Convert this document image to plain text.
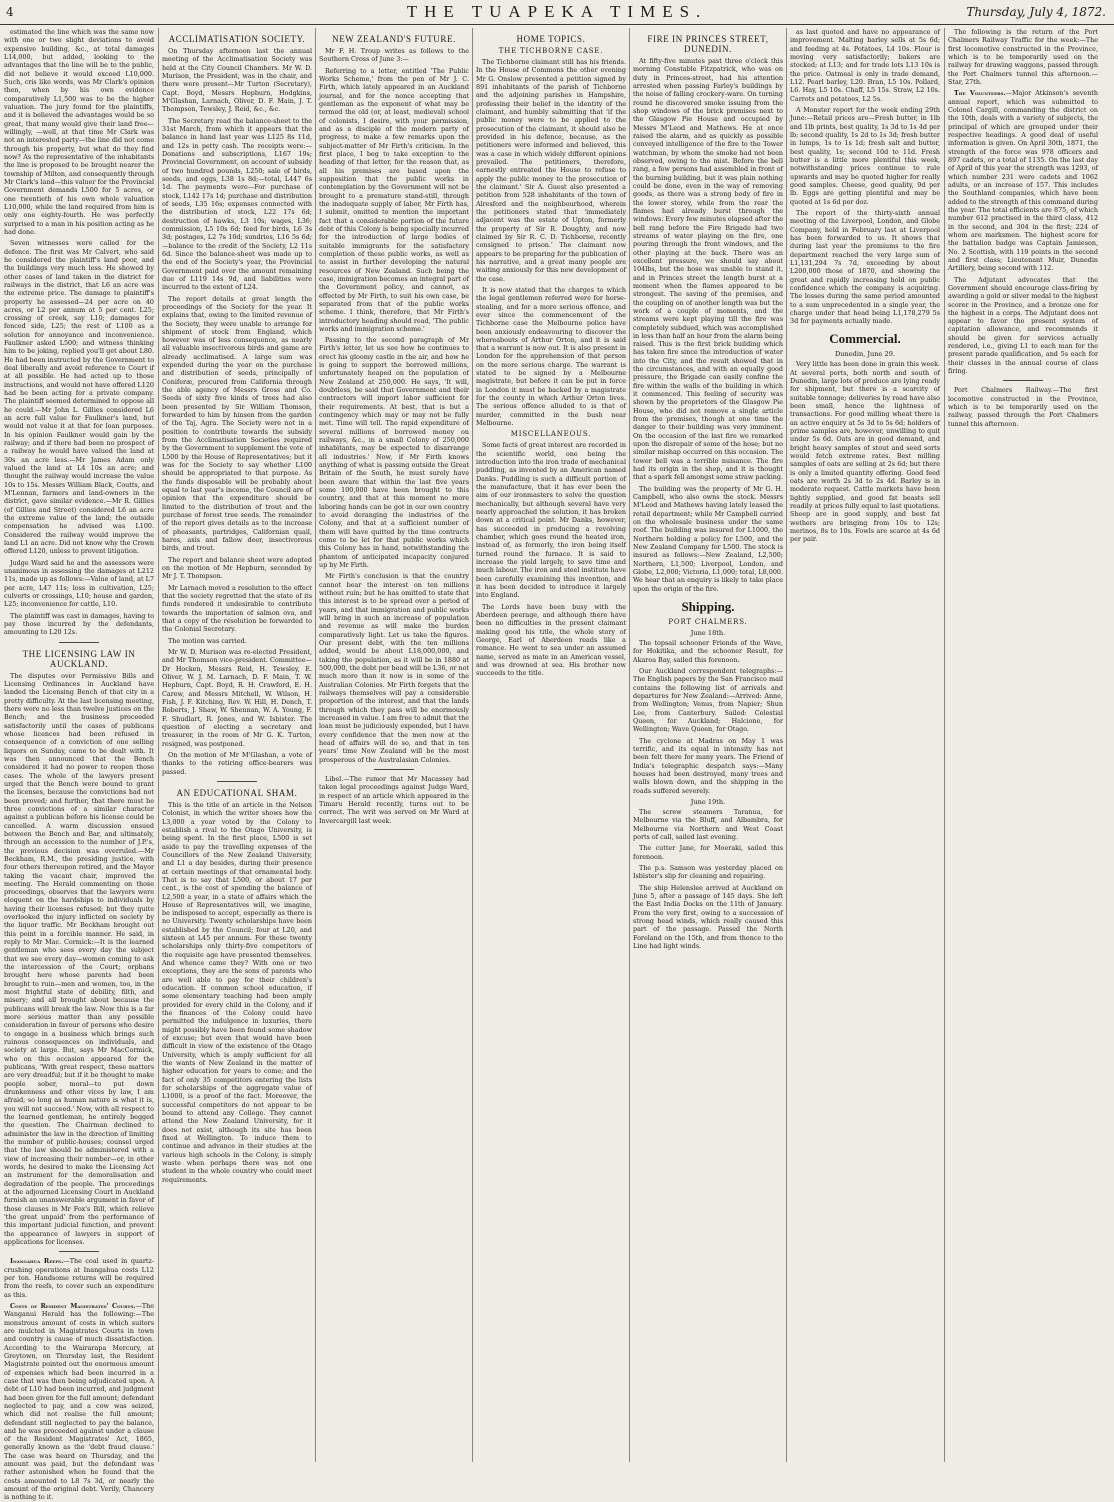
4	THE TUAPEKA TIMES.	Thursday, July 4, 1872.

estimated the line which was the same now with one or two slight deviations to avoid expensive building, &c., at total damages L14,000, but added, looking to the advantages that the line will be to the public, did not believe it would exceed L10,000. Such, cris like words, was Mr Clark's opinion then, when by his own evidence comparatively L1,500 was to be the higher valuation. The jury found for the plaintiffs, and it is believed the advantages would be so great, that many would give their land free—willingly, —well, at that time Mr Clark was not an interested party—the line did not come through his property, but what do they find now? As the representative of the inhabitants the line is proposed to be brought nearer the township of Milton, and consequently through Mr Clark's land—this valuer for the Provincial Government demands L500 for 5 acres, or one twentieth of his own whole valuation L10,000, while the land required from him is only one eighty-fourth. He was perfectly surprised to a man in his position acting as he had done.

Seven witnesses were called for the defence. The first was Mr Calvert, who said he considered the plaintiff's land poor, and the buildings very much less. He showed by other cases of land taken in the district for railways in the district, that L6 an acre was the extreme price. The damage to plaintiff's property he assessed—24 per acre on 40 acres, or L2 per annum at 5 per cent. L25; crossing of creek, say L10; damages for fenced side, L25; the rest of L100 as a solution for annoyance and inconvenience. Faulkner asked L500; and witness thinking him to be joking, replied you'll get about L80. He had been instructed by the Government to deal liberally and avoid reference to Court if at all possible. He had acted up to those instructions, and would not have offered L120 had he been acting for a private company. The plaintiff seemed determined to oppose all he could.—Mr John L. Gillies considered L6 an acre full value for Faulkner's land, but would not value it at that for loan purposes. In his opinion Faulkner would gain by the railway; and if there had been no prospect of a railway he would have valued the land at 30s an acre less.—Mr James Adam only valued the land at L4 10s an acre; and thought the railway would increase the value 10s to 15s. Messrs William Black, Coutts, and M'Lennan, farmers and land-owners in the district, gave similar evidence.—Mr R. Gillies (of Gillies and Street) considered L6 an acre the extreme value of the land; the outside compensation he advised was L100. Considered the railway would improve the land L1 an acre. Did not know why the Crown offered L120, unless to prevent litigation.

Judge Ward said he and the assessors were unanimous in assessing the damages at L212 11s, made up as follows:—Value of land, at L7 per acre, L47 11s; loss in cultivation, L25; culverts or crossings, L10; house and garden, L25; inconvenience for cattle, L10.

The plaintiff was cast in damages, having to pay those incurred by the defendants, amounting to L20 12s.

THE LICENSING LAW IN AUCKLAND.

The disputes over Permissive Bills and Licensing Ordinances in Auckland have landed the Licensing Bench of that city in a pretty difficulty. At the last licensing meeting, there were no less than twelve justices on the Bench; and the business proceeded satisfactorily until the cases of publicans whose licences had been refused in consequence of a conviction of one selling liquors on Sunday, came to be dealt with. It was then announced that the Bench considered it had no power to reopen those cases. The whole of the lawyers present urged that the Bench were bound to grant the licenses, because the convictions had not been proved; and further, that there must be three convictions of a similar character against a publican before his license could be cancelled. A warm discussion ensued between the Bench and Bar, and ultimately, through an accession to the number of J.P.'s, the previous decision was overruled.—Mr Beckham, R.M., the presiding justice, with four others thereupon retired, and the Mayor taking the vacant chair, improved the meeting. The Herald commenting on those proceedings, observes that the lawyers were eloquent on the hardships to individuals by having their licenses refused; but they quite overlooked the injury inflicted on society by the liquor traffic. Mr Beckham brought out this point in a forcible manner. He said, in reply to Mr Mac. Cormick:—It is the learned gentleman who sees every day the subject that we see every day—women coming to ask the intercession of the Court; orphans brought here whose parents had been brought to ruin—men and women, too, in the most frightful state of debility, filth, and misery; and all brought about because the publicans will break the law. Now this is a far more serious matter than any possible consideration in favour of persons who desire to engage in a business which brings such ruinous consequences on individuals, and society at large. But, says Mr MacCormick, who on this occasion appeared for the publicans, 'With great respect, these matters are very dreadful; but if it be thought to make people sober, moral—to put down drunkenness and other vices by law, I am afraid, so long as human nature is what it is, you will not succeed.' Now, with all respect to the learned gentleman, he entirely begged the question. The Chairman declined to administer the law in the direction of limiting the number of public-houses; counsel urged that the law should be administered with a view of increasing their number—or, in other words, he desired to make the Licensing Act an instrument for the demoralisation and degradation of the people. The proceedings at the adjourned Licensing Court in Auckland furnish an unanswerable argument in favor of those clauses in Mr Fox's Bill, which relieve 'the great unpaid' from the performance of this important judicial function, and prevent the appearance of lawyers in support of applications for licenses.

Inangahua Reefs.—The coal used in quartz-crushing operations at Inangahua costs L12 per ton. Handsome returns will be required from the reefs, to cover such an expenditure as this.

Costs of Resident Magistrates' Courts.—The Wanganui Herald has the following:—The monstrous amount of costs in which suitors are mulcted in Magistrates Courts in town and country is cause of much dissatisfaction. According to the Wairarapa Mercury, at Greytown, on Thursday last, the Resident Magistrate pointed out the enormous amount of expenses which had been incurred in a case that was then being adjudicated upon. A debt of L10 had been incurred, and judgment had been given for the full amount; defendant neglected to pay, and a cow was seized, which did not realise the full amount; defendant still neglected to pay the balance, and he was proceeded against under a clause of the Resident Magistrates' Act, 1865, generally known as the 'debt fraud clause.' The case was heard on Thursday, and the amount was paid, but the defendant was rather astonished when he found that the costs amounted to L8 7s 3d, or nearly the amount of the original debt. Verily, Chancery is nothing to it.

ACCLIMATISATION SOCIETY.

On Thursday afternoon last the annual meeting of the Acclimatisation Society was held at the City Council Chambers. Mr W. D. Murison, the President, was in the chair, and there were present—Mr Turton (Secretary), Capt. Boyd, Messrs Hepburn, Hodgkins, M'Glashan, Larnach, Oliver, D. F. Main, J. T. Thompson, Tewsley, J. Reid, &c., &c.

The Secretary read the balance-sheet to the 31st March, from which it appears that the balance in hand last year was L125 8s 11d, and 12s in petty cash. The receipts were:—Donations and subscriptions, L167 19s; Provincial Government, on account of subsidy of two hundred pounds, L250; sale of birds, seeds, and eggs, L38 1s 8d;—total, L447 6s 1d. The payments were—For purchase of stock, L142 17s 1d; purchase and distribution of seeds, L35 16s; expenses connected with the distribution of stock, L22 17s 6d; destruction of hawks, L3 10s; wages, L36; commission, L5 10s 6d; feed for birds, L6 3s 3d; postages, L2 7s 10d; sundries, L16 5s 6d;—balance to the credit of the Society, L2 11s 6d. Since the balance-sheet was made up to the end of the Society's year, the Provincial Government paid over the amount remaining due of L119 14s 9d, and liabilities were incurred to the extent of L24.

The report details at great length the proceedings of the Society for the year. It explains that, owing to the limited revenue of the Society, they were unable to arrange for shipment of stock from England, which however was of less consequence, as nearly all valuable insectivorous birds and game are already acclimatised. A large sum was expended during the year on the purchase and distribution of seeds, principally of Coniferæ, procured from California through the able agency of Messrs Gross and Co. Seeds of sixty five kinds of trees had also been presented by Sir William Thomson, forwarded to him by hinsen from the garden of the Taj, Agra. The Society were not in a position to contribute towards the subsidy from the Acclimatisation Societies required by the Government to supplement the vote of L500 by the House of Representatives; but it was for the Society to say whether L100 should be appropriated to that purpose. As the funds disposable will be probably about equal to last year's income, the Council are of opinion that the expenditure should be limited to the distribution of trout and the purchase of forest tree seeds. The remainder of the report gives details as to the increase of pheasants, partridges, Californian quail, hares, axis and fallow deer, insectivorous birds, and trout.

The report and balance sheet were adopted on the motion of Mr Hepburn, seconded by Mr J. T. Thompson.

Mr Larnach moved a resolution to the effect that the society regretted that the state of its funds rendered it undesirable to contribute towards the importation of salmon ova, and that a copy of the resolution be forwarded to the Colonial Secretary.

The motion was carried.

Mr W. D. Murison was re-elected President, and Mr Thomson vice-president. Committee—Dr Hocken, Messrs Reid, H. Tewsley, E. Oliver, W. J. M. Larnach, D. F. Main, T. W. Hepburn, Capt. Boyd, R. H. Crawford, E. H. Carew, and Messrs Mitchell, W. Wilson, H. Fish, J. F. Kitching, Rev. W. Hill, H. Dench, T. Roberts, J. Shaw, W. Shennan, W. A. Young, F. F. Shudlart, R. Jones, and W. Isbister. The question of electing a secretary and treasurer, in the room of Mr G. K. Turton, resigned, was postponed.

On the motion of Mr M'Glashan, a vote of thanks to the retiring office-bearers was passed.

AN EDUCATIONAL SHAM.

This is the title of an article in the Nelson Colonist, in which the writer shows how the L3,000 a year voted by the Colony to establish a rival to the Otago University, is being spent. In the first place, L500 is set aside to pay the travelling expenses of the Councillors of the New Zealand University, and L1 a day besides, during their presence at certain meetings of that ornamental body. That is to say that L500, or about 17 per cent., is the cost of spending the balance of L2,500 a year, in a state of affairs which the House of Representatives will, we imagine, be indisposed to accept, especially as there is no University. Twenty scholarships have been established by the Council; four at L20, and sixteen at L45 per annum. For these twenty scholarships only thirty-five competitors of the requisite age have presented themselves. And whence came they? With one or two exceptions, they are the sons of parents who are well able to pay for their children's education. If common school education, if some elementary teaching had been amply provided for every child in the Colony, and if the finances of the Colony could have permitted the indulgence in luxuries, there might possibly have been found some shadow of excuse; but even that would have been difficult in view of the existence of the Otago University, which is amply sufficient for all the wants of New Zealand in the matter of higher education for years to come; and the fact of only 35 competitors entering the lists for scholarships of the aggregate value of L1000, is a proof of the fact. Moreover, the successful competitors do not appear to be bound to attend any College. They cannot attend the New Zealand University, for it does not exist, although its site has been fixed at Wellington. To induce them to continue and advance in their studies at the various high schools in the Colony, is simply waste when perhaps there was not one student in the whole country who could meet requirements.

NEW ZEALAND'S FUTURE.

Mr F. H. Troup writes as follows to the Southern Cross of June 3:—

Referring to a letter, entitled 'The Public Works Scheme,' from the pen of Mr J. C. Firth, which lately appeared in an Auckland journal, and for the nonce accepting that gentleman as the exponent of what may be termed the old (or, at least, medieval) school of colonists, I desire, with your permission, and as a disciple of the modern party of progress, to make a few remarks upon the subject-matter of Mr Firth's criticism. In the first place, I beg to take exception to the heading of that letter, for the reason that, as all his premises are based upon the supposition that the public works in contemplation by the Government will not be brought to a premature stand-still, through the inadequate supply of labor, Mr Firth has, I submit, omitted to mention the important fact that a considerable portion of the future debt of this Colony is being specially incurred for the introduction of large bodies of suitable immigrants for the satisfactory completion of these public works, as well as to assist in further developing the natural resources of New Zealand. Such being the case, immigration becomes an integral part of the Government policy, and cannot, as effected by Mr Firth, to suit his own case, be separated from that of the public works scheme. I think, therefore, that Mr Firth's introductory heading should read, 'The public works and immigration scheme.'

Passing to the second paragraph of Mr Firth's letter, let us see how he continues to erect his gloomy castle in the air, and how he is going to support the borrowed millions, unfortunately heaped on the population of New Zealand at 250,000. He says, 'It will, doubtless, be said that Government and their contractors will import labor sufficient for their requirements. At best, that is but a contingency which may or may not be fully met. Time will tell. The rapid expenditure of several millions of borrowed money on railways, &c., in a small Colony of 250,000 inhabitants, may be expected to disarrange all industries.' Now, if Mr Firth knows anything of what is passing outside the Great Britain of the South, he must surely have been aware that within the last five years some 100,000 have been brought to this country, and that at this moment no more laboring hands can be got in our own country to avoid deranging the industries of the Colony, and that at a sufficient number of them will have quitted by the time contracts come to be let for that public works which this Colony has in hand, notwithstanding the phantom of anticipated incapacity conjured up by Mr Firth.

Mr Firth's conclusion is that the country cannot bear the interest on ten millions without ruin; but he has omitted to state that this interest is to be spread over a period of years, and that immigration and public works will bring in such an increase of population and revenue as will make the burden comparatively light. Let us take the figures. Our present debt, with the ten millions added, would be about L18,000,000, and taking the population, as it will be in 1880 at 500,000, the debt per head will be L36, or not much more than it now is in some of the Australian Colonies. Mr Firth forgets that the railways themselves will pay a considerable proportion of the interest, and that the lands through which they pass will be enormously increased in value. I am free to admit that the loan must be judiciously expended, but I have every confidence that the men now at the head of affairs will do so, and that in ten years' time New Zealand will be the most prosperous of the Australasian Colonies.

Libel.—The rumor that Mr Macassey had taken legal proceedings against Judge Ward, in respect of an article which appeared in the Timaru Herald recently, turns out to be correct. The writ was served on Mr Ward at Invercargill last week.

HOME TOPICS.

THE TICHBORNE CASE.

The Tichborne claimant still has his friends. In the House of Commons the other evening Mr G. Onslow presented a petition signed by 891 inhabitants of the parish of Tichborne and the adjoining parishes in Hampshire, professing their belief in the identity of the claimant, and humbly submitting that 'if the public money were to be applied to the prosecution of the claimant, it should also be provided in his defence, because, as the petitioners were informed and believed, this was a case in which widely different opinions prevailed. The petitioners, therefore, earnestly entreated the House to refuse to apply the public money to the prosecution of the claimant.' Sir A. Guest also presented a petition from 528 inhabitants of the town of Alresford and the neighbourhood, wherein the petitioners stated that 'immediately adjacent was the estate of Upton, formerly the property of Sir R. Doughty, and now claimed by Sir R. C. D. Tichborne, recently consigned to prison.' The claimant now appears to be preparing for the publication of his narrative, and a great many people are waiting anxiously for this new development of the case.

It is now stated that the charges to which the legal gentlemen referred were for horse-stealing, and for a more serious offence, and ever since the commencement of the Tichborne case the Melbourne police have been anxiously endeavouring to discover the whereabouts of Arthur Orton, and it is said that a warrant is now out. It is also present in London for the apprehension of that person on the more serious charge. The warrant is stated to be signed by a Melbourne magistrate, but before it can be put in force in London it must be backed by a magistrate for the county in which Arthur Orton lives. The serious offence alluded to is that of murder, committed in the bush near Melbourne.

MISCELLANEOUS.

Some facts of great interest are recorded in the scientific world, one being the introduction into the iron trade of mechanical puddling, as invented by an American named Danks. Puddling is such a difficult portion of the manufacture, that it has ever been the aim of our ironmasters to solve the question mechanically, but although several have very nearly approached the solution, it has broken down at a critical point. Mr Danks, however, has succeeded in producing a revolving chamber, which goes round the heated iron, instead of, as formerly, the iron being itself turned round the furnace. It is said to increase the yield largely, to save time and much labour. The iron and steel institute have been carefully examining this invention, and it has been decided to introduce it largely into England.

The Lords have been busy with the Aberdeen peerage, and although there have been no difficulties in the present claimant making good his title, the whole story of George, Earl of Aberdeen reads like a romance. He went to sea under an assumed name, served as mate in an American vessel, and was drowned at sea. His brother now succeeds to the title.

FIRE IN PRINCES STREET, DUNEDIN.

At fifty-five minutes past three o'clock this morning Constable Fitzpatrick, who was on duty in Princes-street, had his attention arrested when passing Farley's buildings by the noise of falling crockery-ware. On turning round he discovered smoke issuing from the shop windows of the brick premises next to the Glasgow Pie House and occupied by Messrs M'Leod and Mathews. He at once raised the alarm, and as quickly as possible conveyed intelligence of the fire to the Tower watchman, by whom the smoke had not been observed, owing to the mist. Before the bell rang, a few persons had assembled in front of the burning building, but it was plain nothing could be done, even in the way of removing goods, as there was a strong body of fire in the lower storey, while from the rear the flames had already burst through the windows. Every few minutes elapsed after the bell rang before the Fire Brigade had two streams of water playing on the fire, one pouring through the front windows, and the other playing at the back. There was an excellent pressure, we should say about 104lbs, but the hose was unable to stand it, and in Princes street the length burst at a moment when the flames appeared to be strongest. The saving of the premises, and the coupling on of another length was but the work of a couple of moments, and the streams were kept playing till the fire was completely subdued, which was accomplished in less than half an hour from the alarm being raised. This is the first brick building which has taken fire since the introduction of water into the City, and the result showed that in the circumstances, and with an equally good pressure, the Brigade can easily confine the fire within the walls of the building in which it commenced. This feeling of security was shown by the proprietors of the Glasgow Pie House, who did not remove a single article from the premises, though at one time the danger to their building was very imminent. On the occasion of the last fire we remarked upon the disrepair of some of the hose; but no similar mishap occurred on this occasion. The tower bell was a terrible nuisance. The fire had its origin in the shop, and it is thought that a spark fell amongst some straw packing.

The building was the property of Mr G. H. Campbell, who also owns the stock. Messrs M'Leod and Mathews having lately leased the retail department; while Mr Campbell carried on the wholesale business under the same roof. The building was insured for L1000, the Northern holding a policy for L500, and the New Zealand Company for L500. The stock is insured as follows:—New Zealand, L2,500; Northern, L1,500; Liverpool, London, and Globe, L2,000; Victoria, L1,000; total, L8,000. We hear that an enquiry is likely to take place upon the origin of the fire.

Shipping.

PORT CHALMERS.

June 18th.

The topsail schooner Friends of the Wave, for Hokitika, and the schooner Result, for Akaroa Bay, sailed this forenoon.

Our Auckland correspondent telegraphs:—The English papers by the San Francisco mail contains the following list of arrivals and departures for New Zealand:—Arrived: Anne, from Wellington; Venus, from Napier; Shun Lee, from Canterbury. Sailed: Celestial Queen, for Auckland; Halcione, for Wellington; Wave Queen, for Otago.

The cyclone at Madras on May 1 was terrific, and its equal in intensity has not been felt there for many years. The Friend of India's telegraphic despatch says:—Many houses had been destroyed, many trees and walls blown down, and the shipping in the roads suffered severely.

June 19th.

The screw steamers Taranua, for Melbourne via the Bluff, and Albambra, for Melbourne via Northern and West Coast ports of call, sailed last evening.

The cutter Jane, for Moeraki, sailed this forenoon.

The p.s. Samson was yesterday placed on Isbister's slip for cleaning and repairing.

The ship Helenslee arrived at Auckland on June 5, after a passage of 145 days. She left the East India Docks on the 11th of January. From the very first, owing to a succession of strong head winds, which really caused this part of the passage. Passed the North Foreland on the 15th, and from thence to the Line had light winds.

as last quoted and have no appearance of improvement. Malting barley sells at 5s 6d; and feeding at 4s. Potatoes, L4 10s. Flour is moving very satisfactorily; bakers are stocked; at L13; and for trade lots L13 10s is the price. Oatmeal is only in trade demand, L12. Pearl barley, L20. Bran, L5 10s. Pollard, L6. Hay, L5 10s. Chaff, L5 15s. Straw, L2 10s. Carrots and potatoes, L2 5s.

A Monster report for the week ending 29th June:—Retail prices are—Fresh butter, in 1lb and 1lb prints, best quality, 1s 3d to 1s 4d per lb; second quality, 1s 2d to 1s 3d; fresh butter in lumps, 1s to 1s 1d; fresh salt and butter, best quality, 1s; second 10d to 11d. Fresh butter is a little more plentiful this week, notwithstanding prices continue to rule upwards and may be quoted higher for really good samples. Cheese, good quality, 9d per lb. Eggs are getting plentiful and may be quoted at 1s 6d per doz.

The report of the thirty-sixth annual meeting of the Liverpool, London, and Globe Company, held in February last at Liverpool has been forwarded to us. It shows that during last year the premiums to the fire department reached the very large sum of L1,131,294 7s 7d, exceeding by about L200,000 those of 1870, and showing the great and rapidly increasing hold on public confidence which the company is acquiring. The losses during the same period amounted to a sum unprecedented in a single year, the charge under that head being L1,178,279 5s 3d for payments actually made.

Commercial.

Dunedin, June 29.

Very little has been done in grain this week. At several ports, both north and south of Dunedin, large lots of produce are lying ready for shipment, but there is a scarcity of suitable tonnage; deliveries by road have also been small, hence the lightness of transactions. For good milling wheat there is an active enquiry at 5s 3d to 5s 6d; holders of prime samples are, however, unwilling to quit under 5s 6d. Oats are in good demand, and bright heavy samples of stout and seed sorts would fetch extreme rates. Best milling samples of oats are selling at 2s 6d; but there is only a limited quantity offering. Good feed oats are worth 2s 3d to 2s 4d. Barley is in moderate request. Cattle markets have been lightly supplied, and good fat beasts sell readily at prices fully equal to last quotations. Sheep are in good supply, and best fat wethers are bringing from 10s to 12s; merinos, 8s to 10s. Fowls are scarce at 4s 6d per pair.

The following is the return of the Port Chalmers Railway Traffic for the week:—The first locomotive constructed in the Province, which is to be temporarily used on the railway for drawing waggons, passed through the Port Chalmers tunnel this afternoon.—Star, 27th.

The Volunteers.—Major Atkinson's seventh annual report, which was submitted to Colonel Cargill, commanding the district on the 10th, deals with a variety of subjects, the principal of which are grouped under their respective headings. A good deal of useful information is given. On April 30th, 1871, the strength of the force was 978 officers and 897 cadets, or a total of 1135. On the last day of April of this year the strength was 1293, of which number 231 were cadets and 1062 adults, or an increase of 157. This includes the Southland companies, which have been added to the strength of this command during the year. The total efficients are 875, of which number 612 practised in the third class, 412 in the second, and 304 in the first; 224 of whom are marksmen. The highest score for the battalion badge was Captain Jamieson, No. 2 Scottish, with 119 points in the second and first class; Lieutenant Muir, Dunedin Artillery, being second with 112.

The Adjutant advocates that the Government should encourage class-firing by awarding a gold or silver medal to the highest scorer in the Province, and a bronze one for the highest in a corps. The Adjutant does not appear to favor the present system of capitation allowance, and recommends it should be given for services actually rendered, i.e., giving L1 to each man for the present parade qualification, and 5s each for their classes in the annual course of class firing.

Port Chalmers Railway.—The first locomotive constructed in the Province, which is to be temporarily used on the railway, passed through the Port Chalmers tunnel this afternoon.
